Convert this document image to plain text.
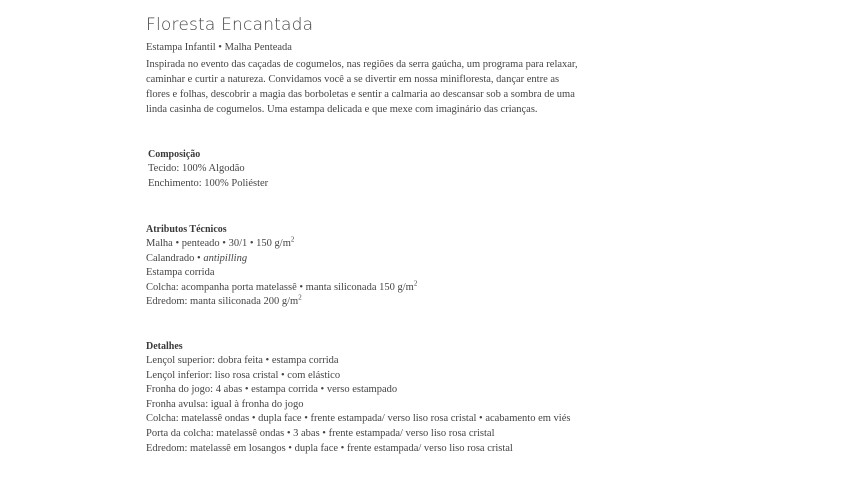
Floresta Encantada
Estampa Infantil • Malha Penteada

Inspirada no evento das caçadas de cogumelos, nas regiões da serra gaúcha, um programa para relaxar,

caminhar e curtir a natureza. Convidamos você a se divertir em nossa minifloresta, dançar entre as

flores e folhas, descobrir a magia das borboletas e sentir a calmaria ao descansar sob a sombra de uma

linda casinha de cogumelos. Uma estampa delicada e que mexe com imaginário das crianças.

Composição

Tecido: 100% Algodão

Enchimento: 100% Poliéster

Atributos Técnicos

Malha • penteado • 30/1 • 150 $g/m^2$

Calandrado • antipilling

Estampa corrida

Colcha: acompanha porta matelassê • manta siliconada 150 $g/m^2$

Edredom: manta siliconada 200 $g/m^2$

Detalhes

Lençol superior: dobra feita • estampa corrida

Lençol inferior: liso rosa cristal • com elástico

Fronha do jogo: 4 abas • estampa corrida • verso estampado

Fronha avulsa: igual à fronha do jogo

Colcha: matelassê ondas • dupla face • frente estampada/ verso liso rosa cristal • acabamento em viés

Porta da colcha: matelassê ondas • 3 abas • frente estampada/ verso liso rosa cristal

Edredom: matelassê em losangos • dupla face • frente estampada/ verso liso rosa cristal
